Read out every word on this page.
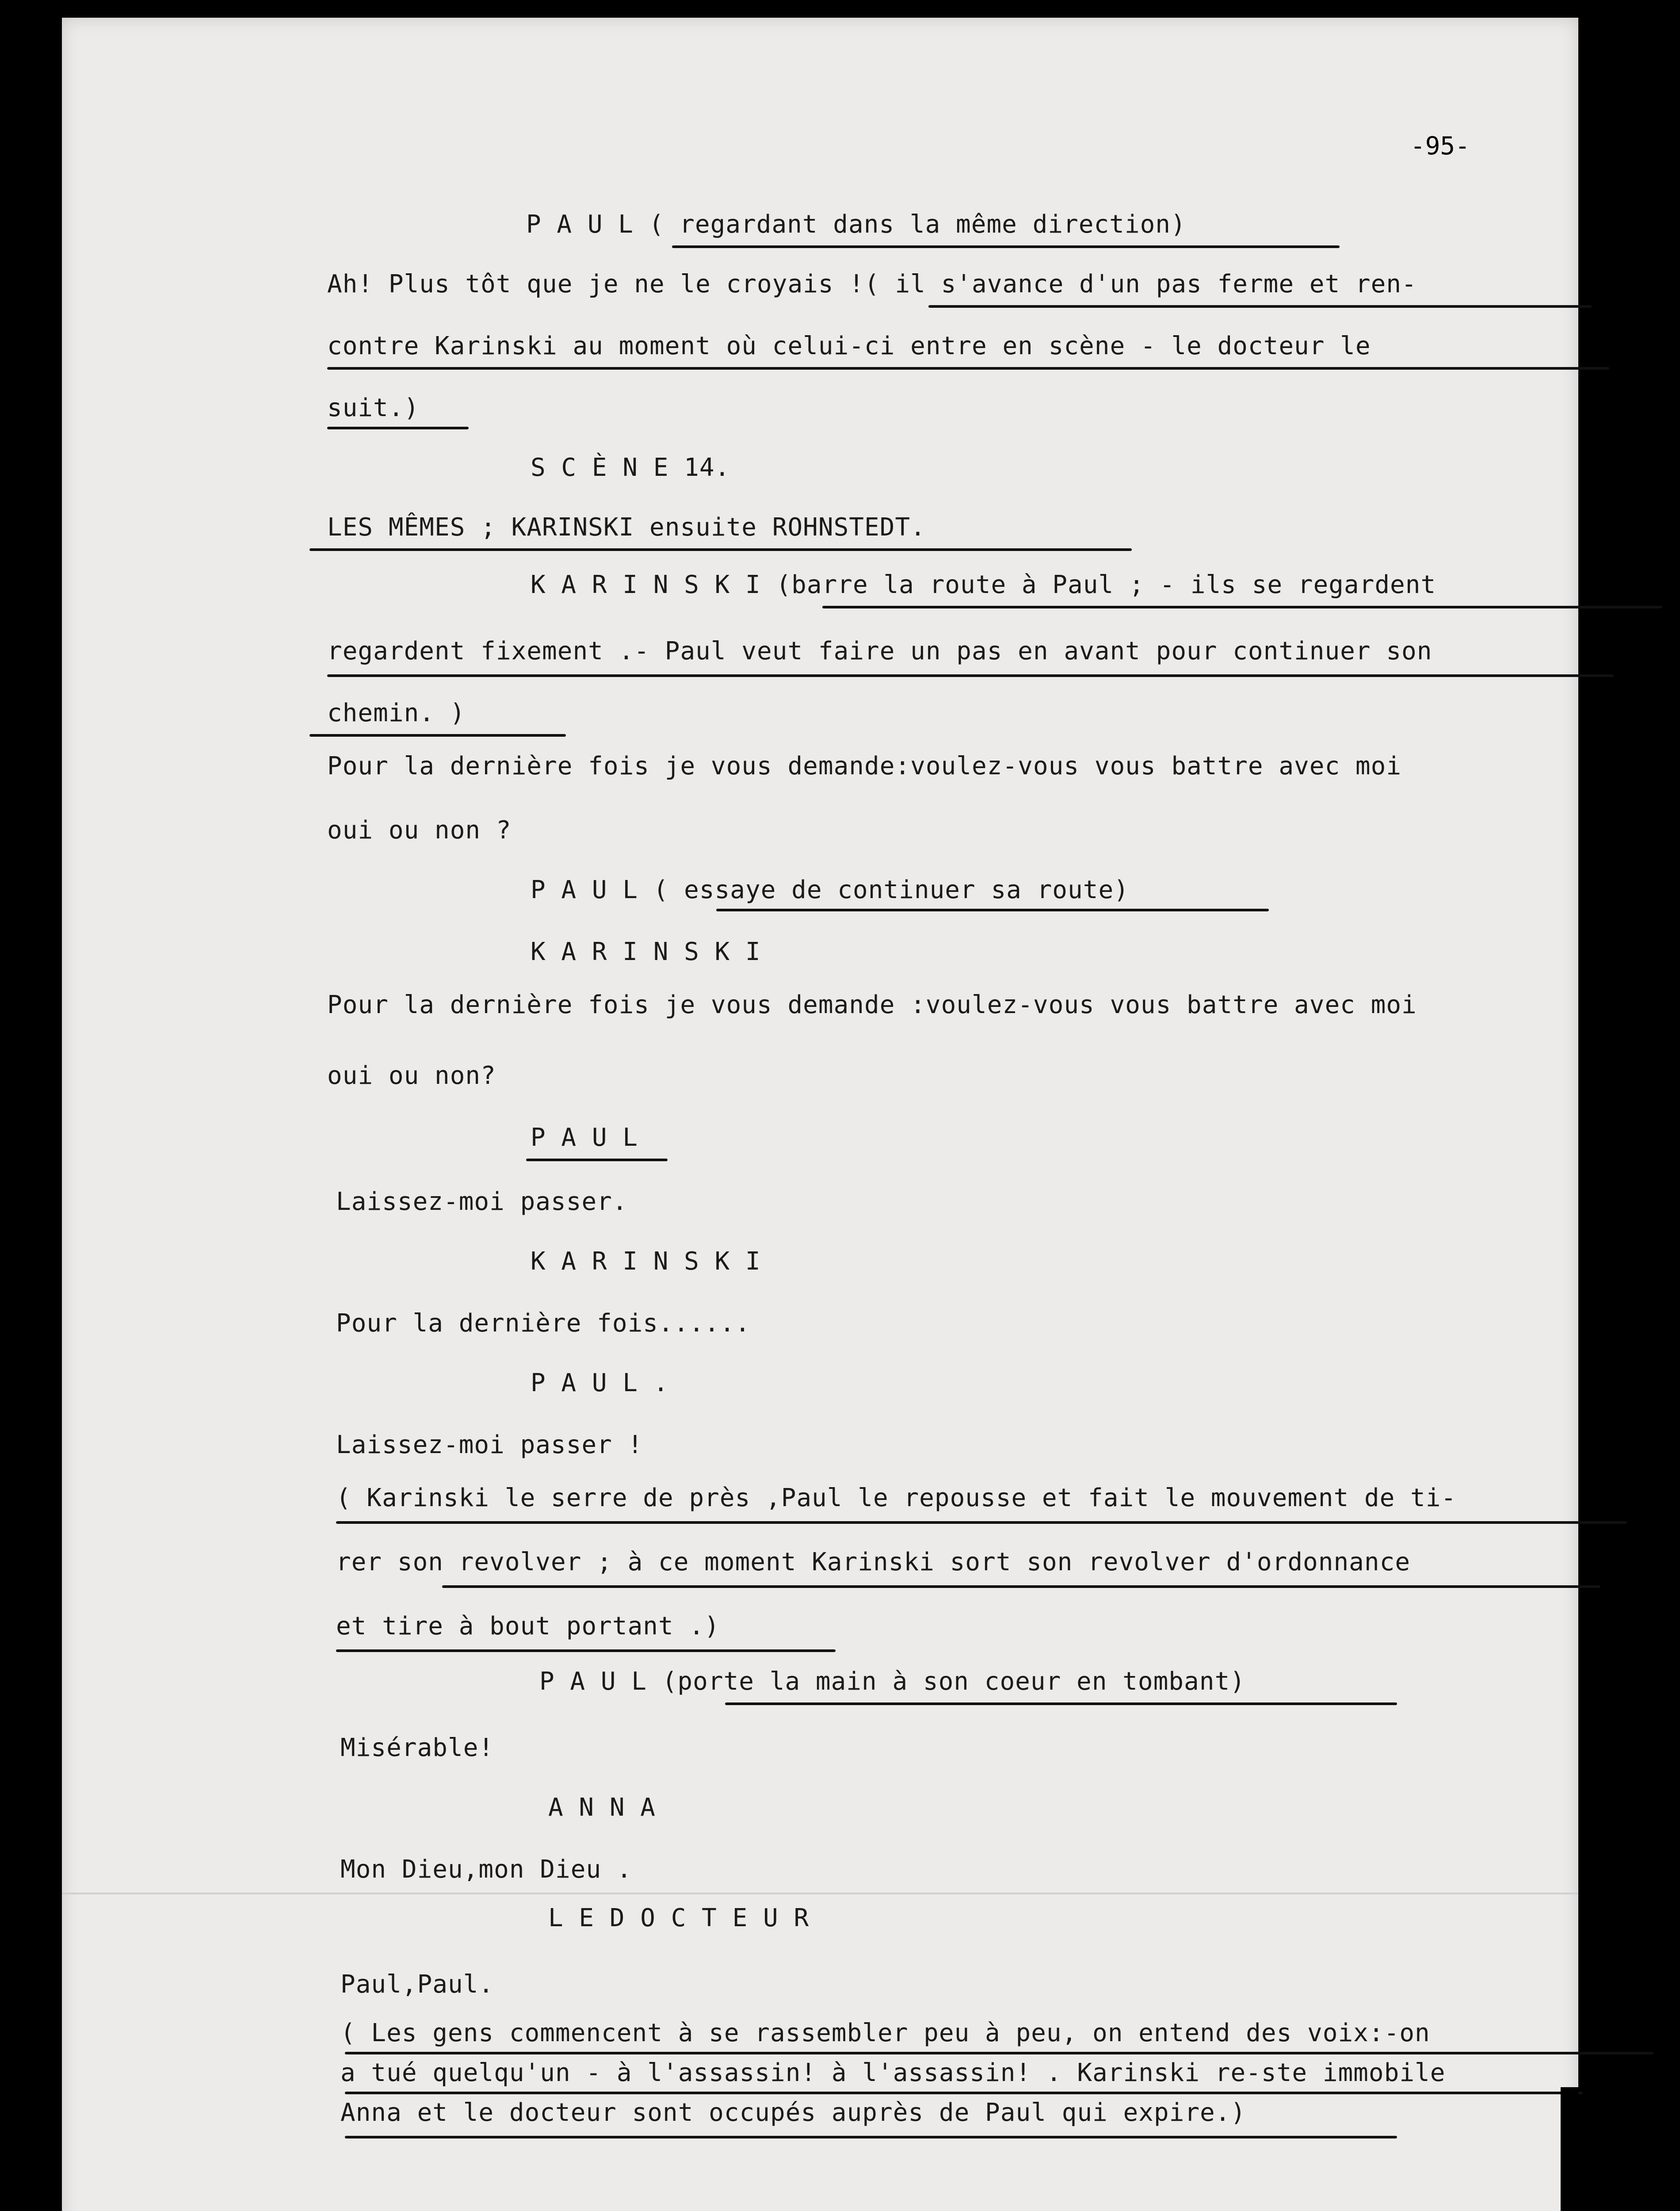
-95-
P A U L ( regardant dans la même direction)
Ah! Plus tôt que je ne le croyais !( il s'avance d'un pas ferme et ren-
contre Karinski au moment où celui-ci entre en scène - le docteur le
suit.)
S C È N E 14.
LES MÊMES ; KARINSKI ensuite ROHNSTEDT.
K A R I N S K I (barre la route à Paul ; - ils se regardent
regardent fixement .- Paul veut faire un pas en avant pour continuer son
chemin. )
Pour la dernière fois je vous demande:voulez-vous vous battre avec moi
oui ou non ?
P A U L ( essaye de continuer sa route)
K A R I N S K I
Pour la dernière fois je vous demande :voulez-vous vous battre avec moi
oui ou non?
P A U L
Laissez-moi passer.
K A R I N S K I
Pour la dernière fois......
P A U L .
Laissez-moi passer !
( Karinski le serre de près ,Paul le repousse et fait le mouvement de ti-
rer son revolver ; à ce moment Karinski sort son revolver d'ordonnance
et tire à bout portant .)
P A U L (porte la main à son coeur en tombant)
Misérable!
A N N A
Mon Dieu,mon Dieu .
L E D O C T E U R
Paul,Paul.
( Les gens commencent à se rassembler peu à peu, on entend des voix:-on
a tué quelqu'un - à l'assassin! à l'assassin! . Karinski re-ste immobile
Anna et le docteur sont occupés auprès de Paul qui expire.)
